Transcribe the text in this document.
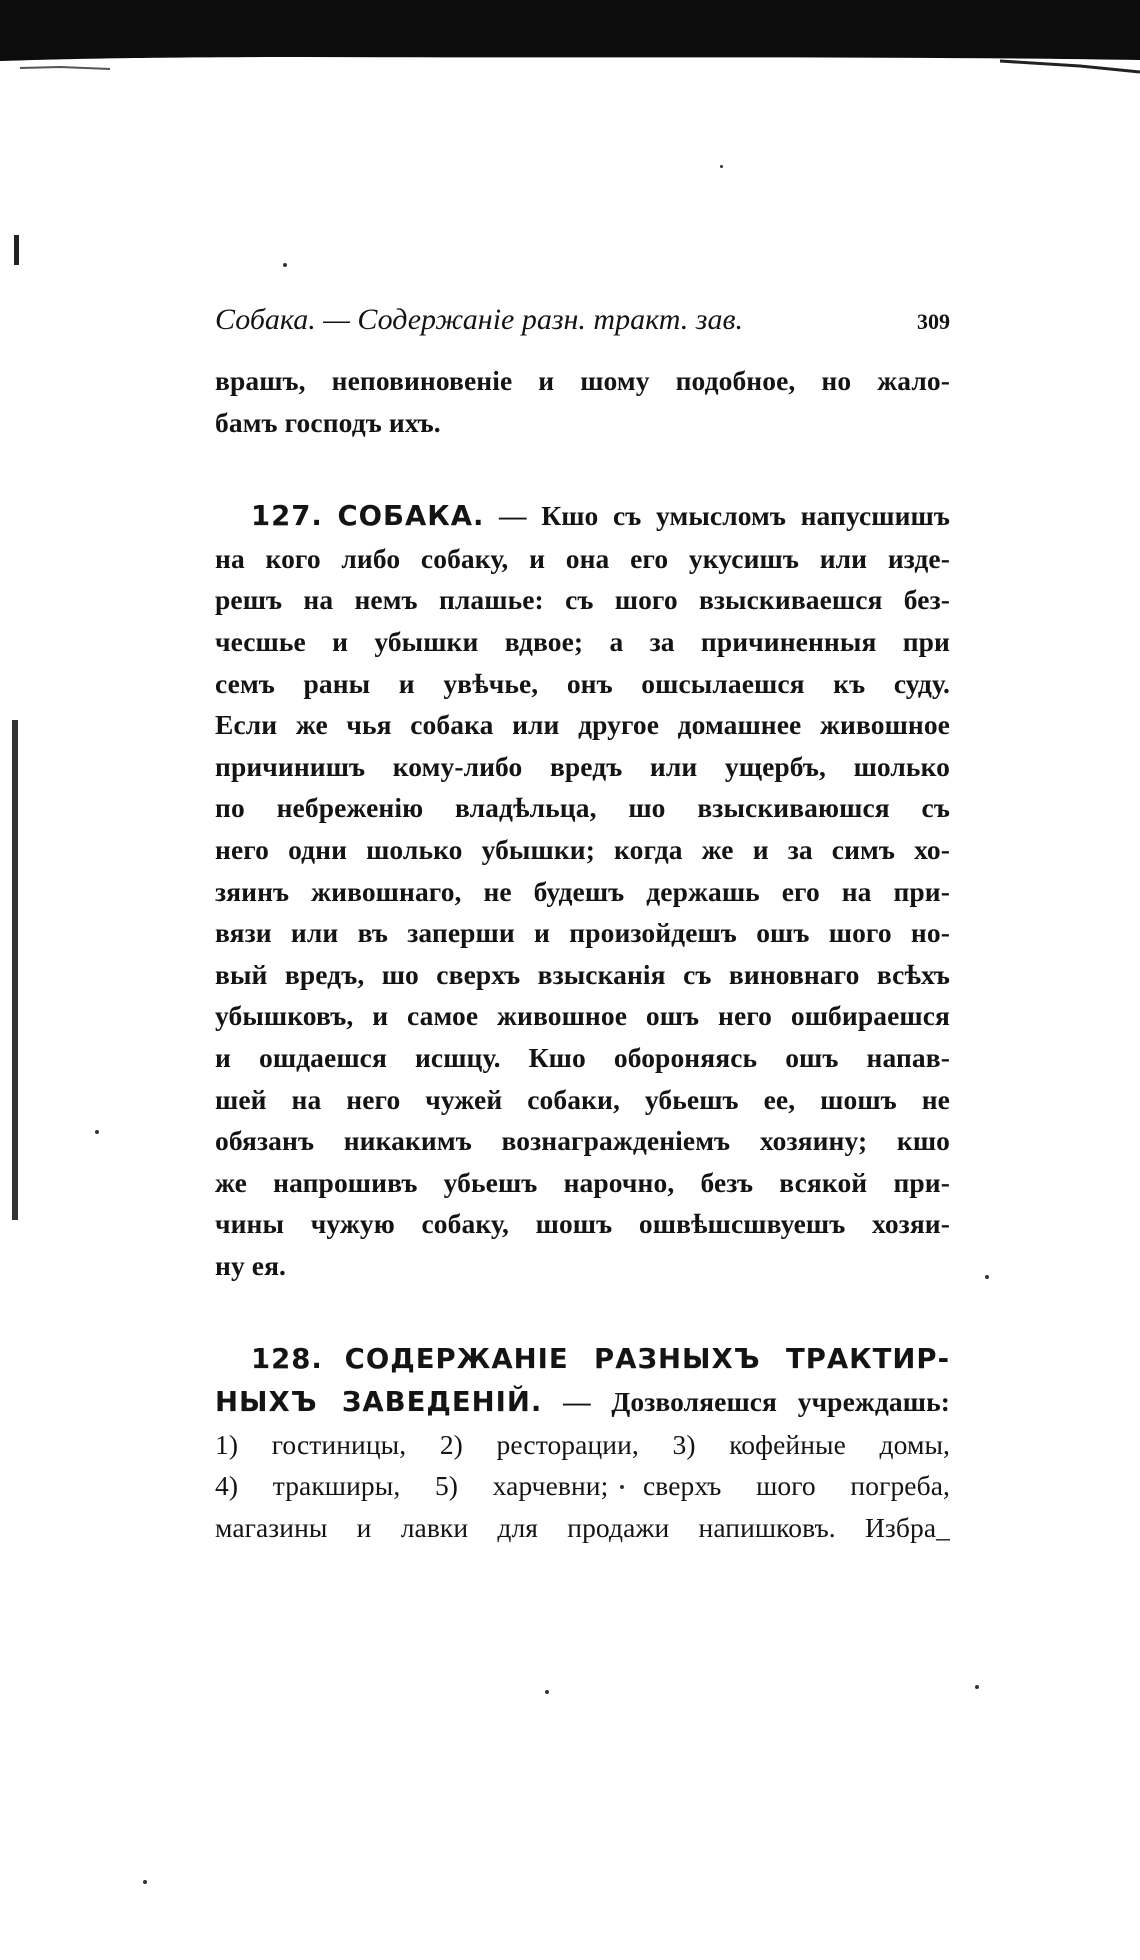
Собака. — Содержаніе разн. тракт. зав.	309

врашъ, неповиновеніе и шому подобное, но жало-
бамъ господъ ихъ.

127. СОБАКА. — Кшо съ умысломъ напусшишъ
на кого либо собаку, и она его укусишъ или изде-
решъ на немъ плашье: съ шого взыскиваешся без-
чесшье и убышки вдвое; а за причиненныя при
семъ раны и увѣчье, онъ ошсылаешся къ суду.
Если же чья собака или другое домашнее живошное
причинишъ кому-либо вредъ или ущербъ, шолько
по небреженію владѣльца, шо взыскиваюшся съ
него одни шолько убышки; когда же и за симъ хо-
зяинъ живошнаго, не будешъ держашь его на при-
вязи или въ заперши и произойдешъ ошъ шого но-
вый вредъ, шо сверхъ взысканія съ виновнаго всѣхъ
убышковъ, и самое живошное ошъ него ошбираешся
и ошдаешся исшцу. Кшо обороняясь ошъ напав-
шей на него чужей собаки, убьешъ ее, шошъ не
обязанъ никакимъ вознагражденіемъ хозяину; кшо
же напрошивъ убьешъ нарочно, безъ всякой при-
чины чужую собаку, шошъ ошвѣшсшвуешъ хозяи-
ну ея.

128. СОДЕРЖАНІЕ РАЗНЫХЪ ТРАКТИР-
НЫХЪ ЗАВЕДЕНІЙ. — Дозволяешся учреждашь:
1) гостиницы, 2) ресторации, 3) кофейные домы,
4) тракширы, 5) харчевни; сверхъ шого погреба,
магазины и лавки для продажи напишковъ. Избра_
